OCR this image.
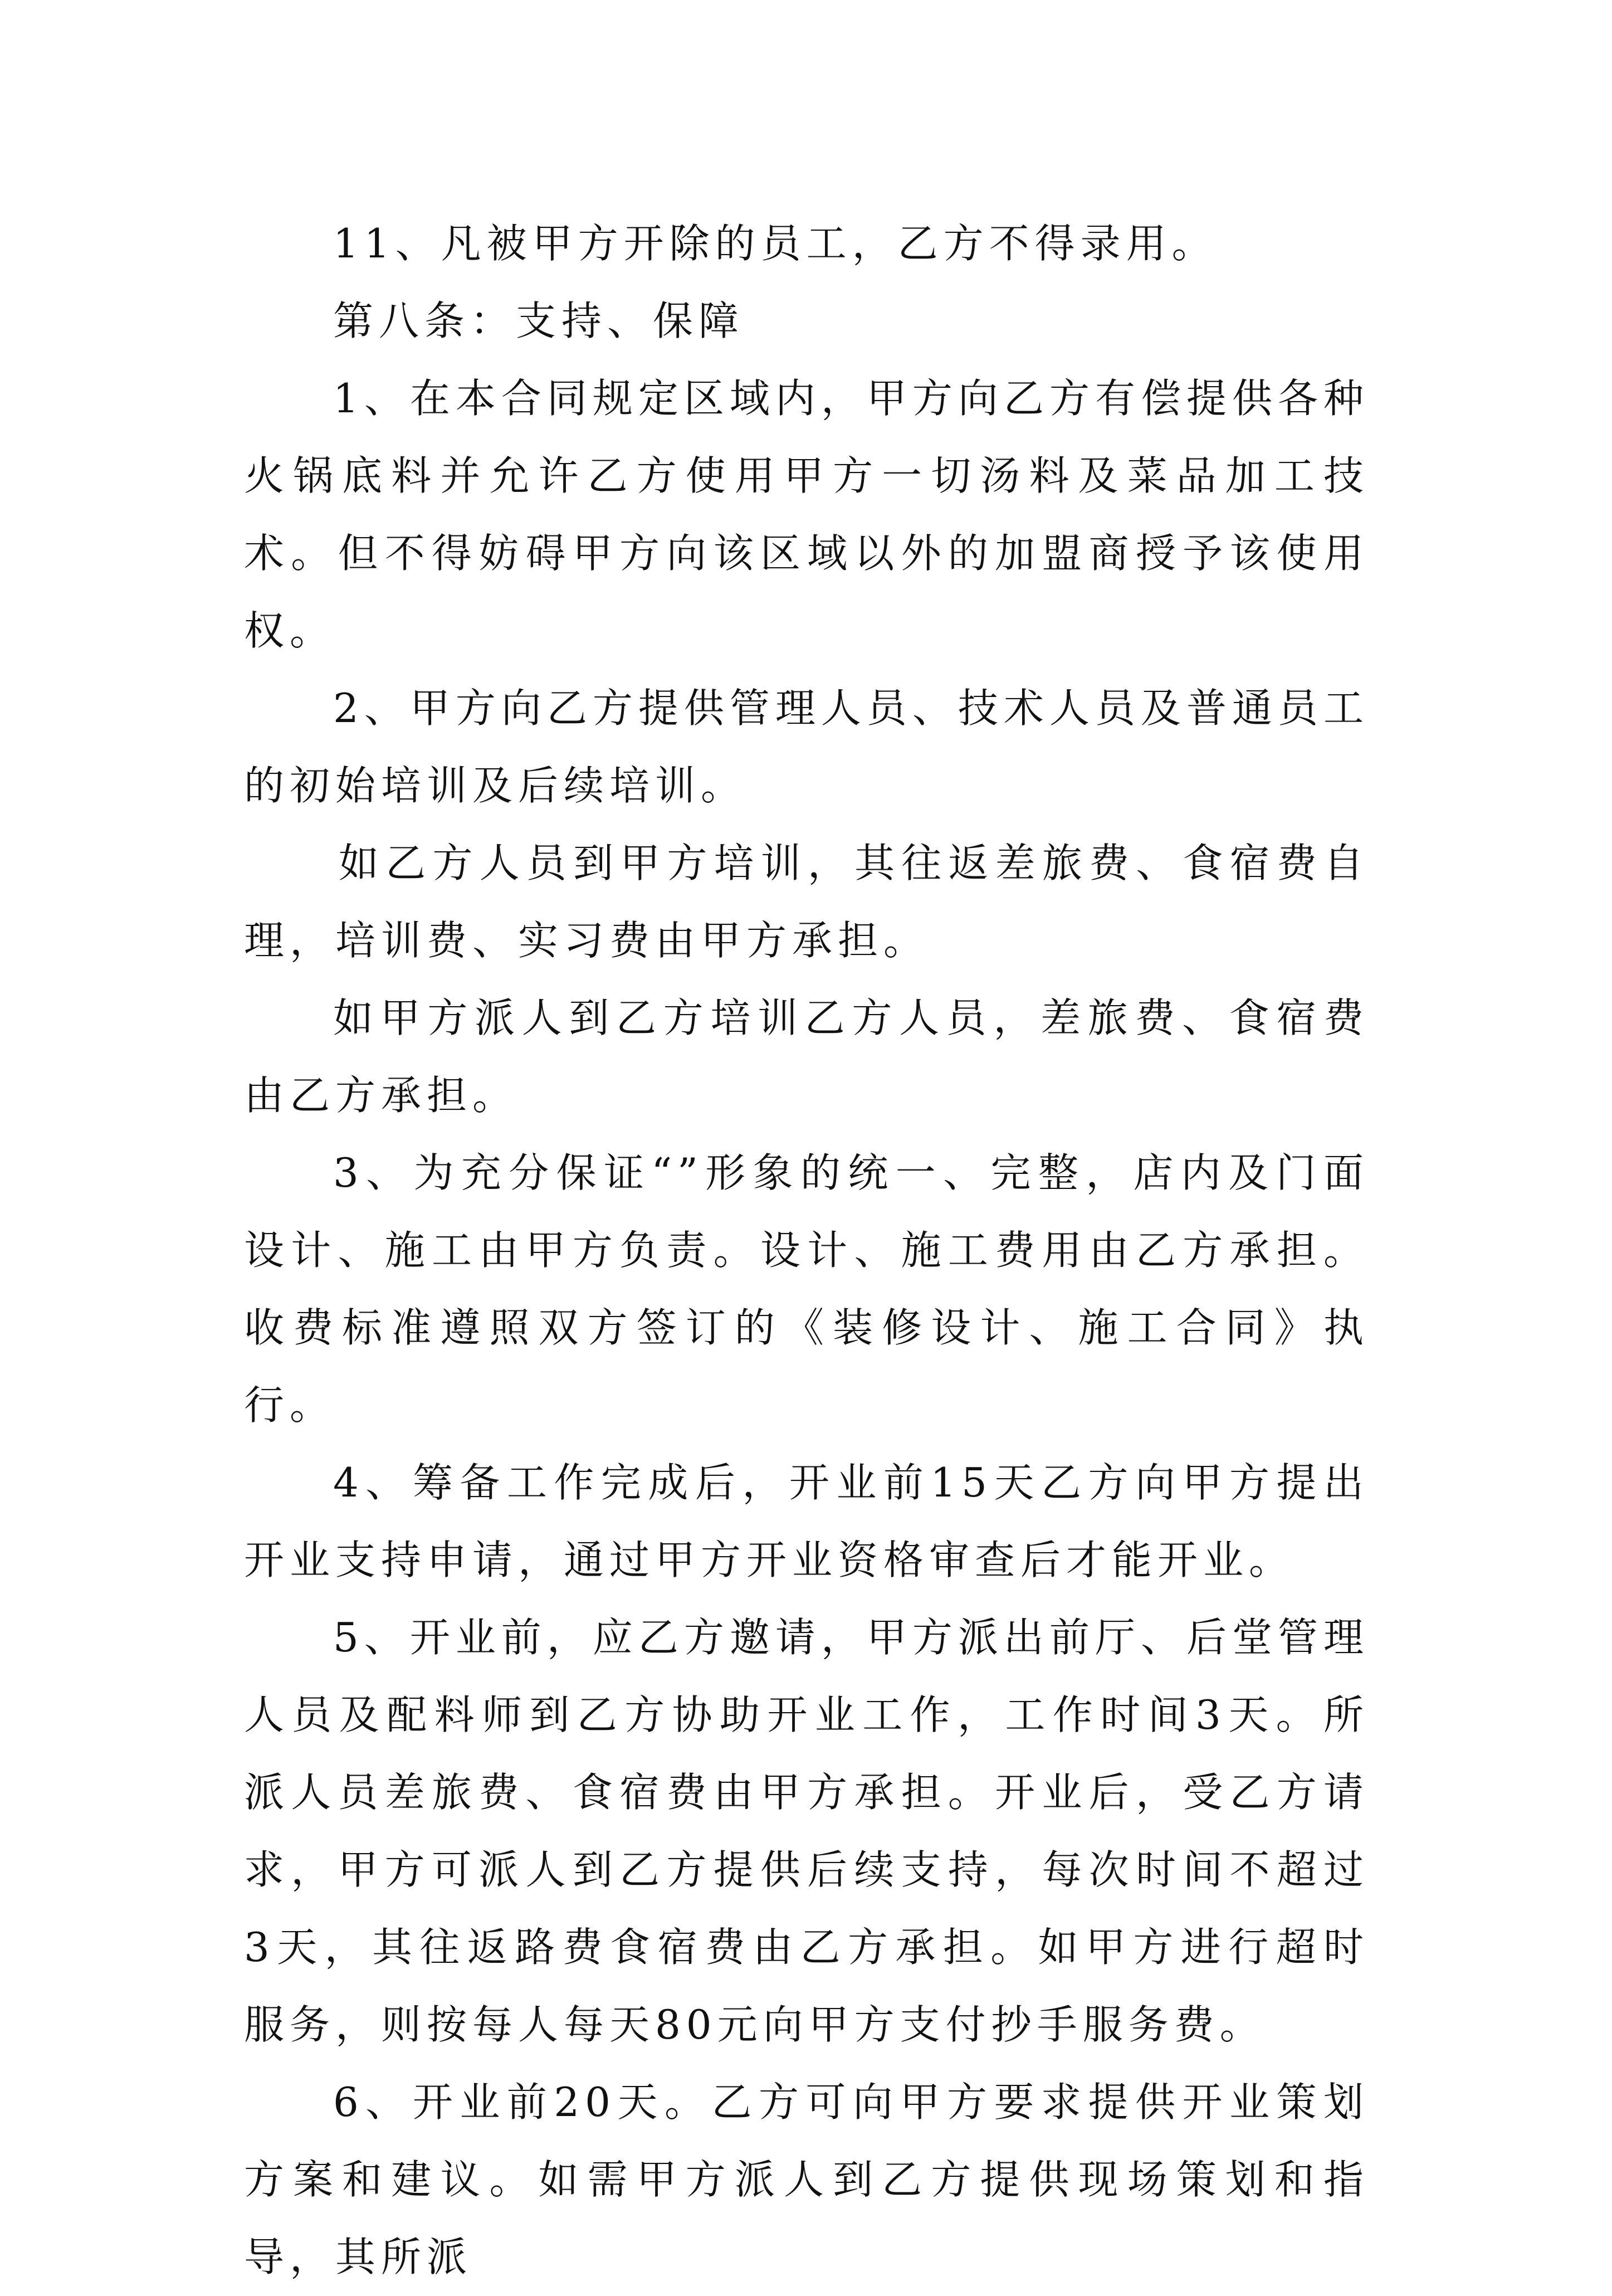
11、凡被甲方开除的员工，乙方不得录用。

第八条：支持、保障

1、在本合同规定区域内，甲方向乙方有偿提供各种火锅底料并允许乙方使用甲方一切汤料及菜品加工技术。但不得妨碍甲方向该区域以外的加盟商授予该使用权。

2、甲方向乙方提供管理人员、技术人员及普通员工的初始培训及后续培训。

如乙方人员到甲方培训，其往返差旅费、食宿费自理，培训费、实习费由甲方承担。

如甲方派人到乙方培训乙方人员，差旅费、食宿费由乙方承担。

3、为充分保证“”形象的统一、完整，店内及门面设计、施工由甲方负责。设计、施工费用由乙方承担。收费标准遵照双方签订的《装修设计、施工合同》执行。

4、筹备工作完成后，开业前15天乙方向甲方提出开业支持申请，通过甲方开业资格审查后才能开业。

5、开业前，应乙方邀请，甲方派出前厅、后堂管理人员及配料师到乙方协助开业工作，工作时间3天。所派人员差旅费、食宿费由甲方承担。开业后，受乙方请求，甲方可派人到乙方提供后续支持，每次时间不超过3天，其往返路费食宿费由乙方承担。如甲方进行超时服务，则按每人每天80元向甲方支付抄手服务费。

6、开业前20天。乙方可向甲方要求提供开业策划方案和建议。如需甲方派人到乙方提供现场策划和指导，其所派
